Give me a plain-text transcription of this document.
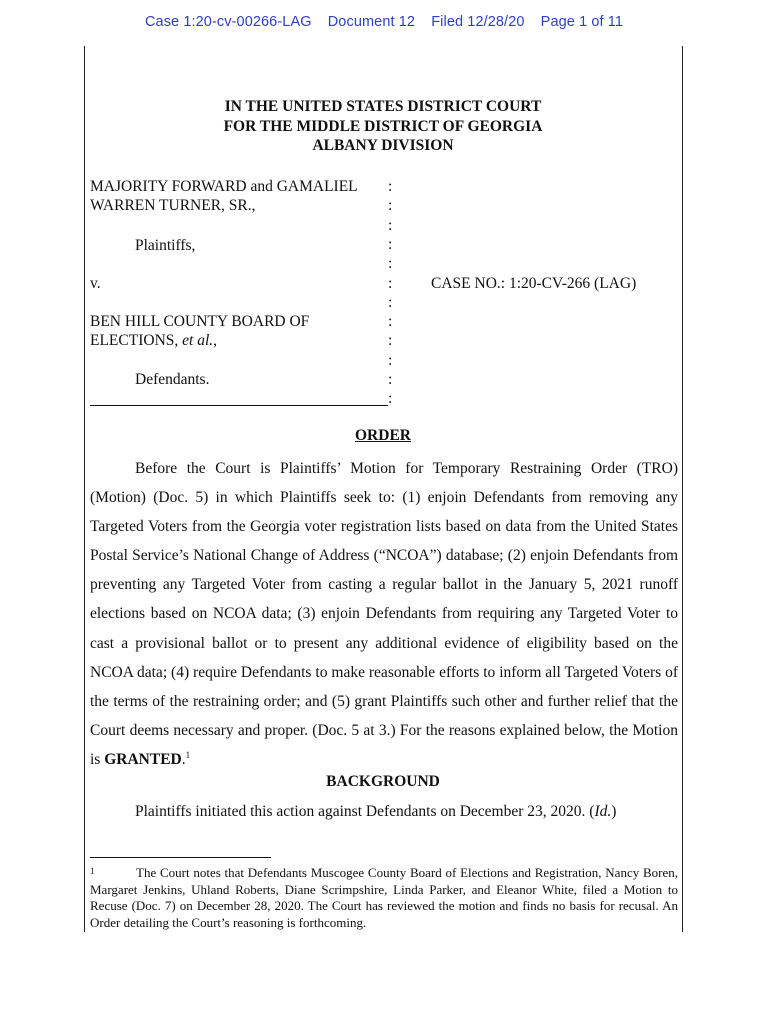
Case 1:20-cv-00266-LAG Document 12 Filed 12/28/20 Page 1 of 11
IN THE UNITED STATES DISTRICT COURT
FOR THE MIDDLE DISTRICT OF GEORGIA
ALBANY DIVISION
MAJORITY FORWARD and GAMALIEL
WARREN TURNER, SR.,
Plaintiffs,
v.
BEN HILL COUNTY BOARD OF
ELECTIONS, et al.,
Defendants.
CASE NO.: 1:20-CV-266 (LAG)
:
:
:
:
:
:
:
:
:
:
:
:
ORDER

Before the Court is Plaintiffs’ Motion for Temporary Restraining Order (TRO) (Motion) (Doc. 5) in which Plaintiffs seek to: (1) enjoin Defendants from removing any Targeted Voters from the Georgia voter registration lists based on data from the United States Postal Service’s National Change of Address (“NCOA”) database; (2) enjoin Defendants from preventing any Targeted Voter from casting a regular ballot in the January 5, 2021 runoff elections based on NCOA data; (3) enjoin Defendants from requiring any Targeted Voter to cast a provisional ballot or to present any additional evidence of eligibility based on the NCOA data; (4) require Defendants to make reasonable efforts to inform all Targeted Voters of the terms of the restraining order; and (5) grant Plaintiffs such other and further relief that the Court deems necessary and proper. (Doc. 5 at 3.) For the reasons explained below, the Motion is GRANTED.$^1$

BACKGROUND

Plaintiffs initiated this action against Defendants on December 23, 2020. (Id.)

1	The Court notes that Defendants Muscogee County Board of Elections and Registration, Nancy Boren, Margaret Jenkins, Uhland Roberts, Diane Scrimpshire, Linda Parker, and Eleanor White, filed a Motion to Recuse (Doc. 7) on December 28, 2020. The Court has reviewed the motion and finds no basis for recusal. An Order detailing the Court’s reasoning is forthcoming.
